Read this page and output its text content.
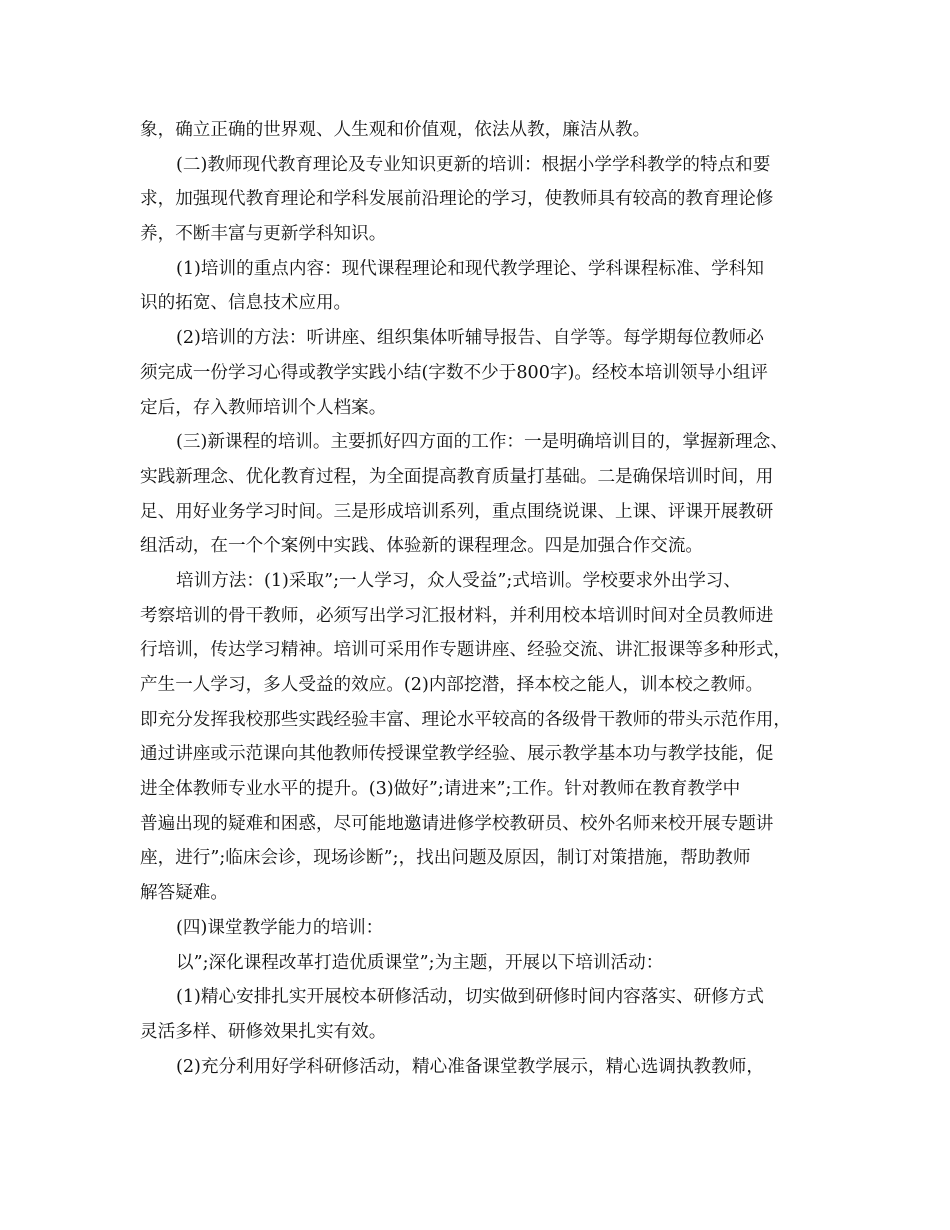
象，确立正确的世界观、人生观和价值观，依法从教，廉洁从教。
(二)教师现代教育理论及专业知识更新的培训：根据小学学科教学的特点和要
求，加强现代教育理论和学科发展前沿理论的学习，使教师具有较高的教育理论修
养，不断丰富与更新学科知识。
(1)培训的重点内容：现代课程理论和现代教学理论、学科课程标准、学科知
识的拓宽、信息技术应用。
(2)培训的方法：听讲座、组织集体听辅导报告、自学等。每学期每位教师必
须完成一份学习心得或教学实践小结(字数不少于800字)。经校本培训领导小组评
定后，存入教师培训个人档案。
(三)新课程的培训。主要抓好四方面的工作：一是明确培训目的，掌握新理念、
实践新理念、优化教育过程，为全面提高教育质量打基础。二是确保培训时间，用
足、用好业务学习时间。三是形成培训系列，重点围绕说课、上课、评课开展教研
组活动，在一个个案例中实践、体验新的课程理念。四是加强合作交流。
培训方法：(1)采取”;一人学习，众人受益”;式培训。学校要求外出学习、
考察培训的骨干教师，必须写出学习汇报材料，并利用校本培训时间对全员教师进
行培训，传达学习精神。培训可采用作专题讲座、经验交流、讲汇报课等多种形式，
产生一人学习，多人受益的效应。(2)内部挖潜，择本校之能人，训本校之教师。
即充分发挥我校那些实践经验丰富、理论水平较高的各级骨干教师的带头示范作用，
通过讲座或示范课向其他教师传授课堂教学经验、展示教学基本功与教学技能，促
进全体教师专业水平的提升。(3)做好”;请进来”;工作。针对教师在教育教学中
普遍出现的疑难和困惑，尽可能地邀请进修学校教研员、校外名师来校开展专题讲
座，进行”;临床会诊，现场诊断”;，找出问题及原因，制订对策措施，帮助教师
解答疑难。
(四)课堂教学能力的培训：
以”;深化课程改革打造优质课堂”;为主题，开展以下培训活动：
(1)精心安排扎实开展校本研修活动，切实做到研修时间内容落实、研修方式
灵活多样、研修效果扎实有效。
(2)充分利用好学科研修活动，精心准备课堂教学展示，精心选调执教教师，
